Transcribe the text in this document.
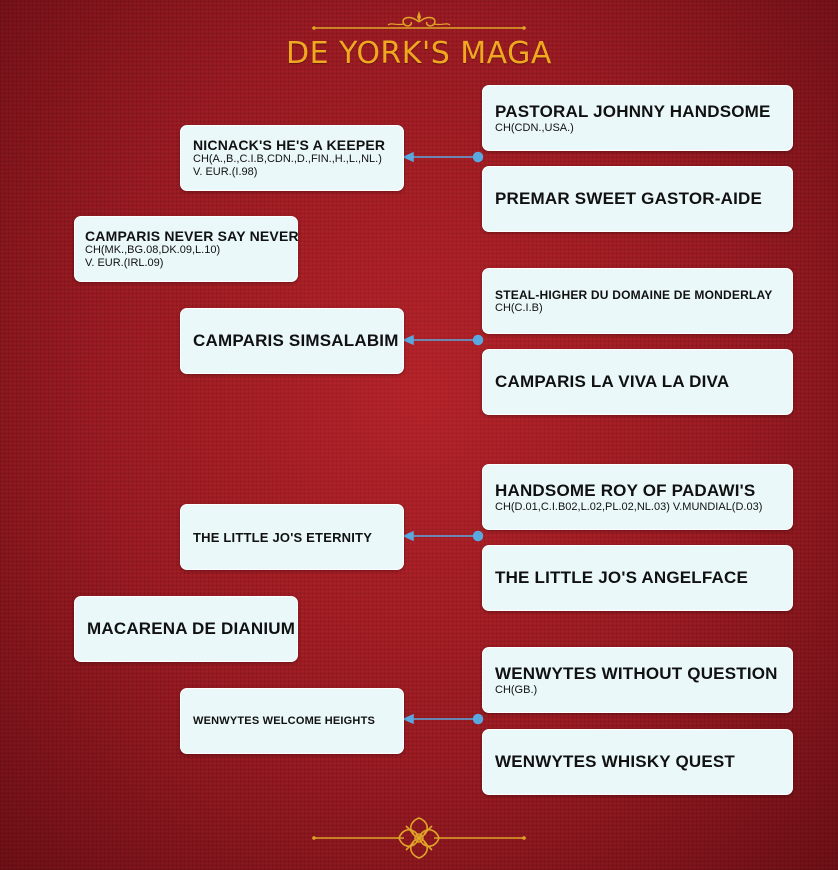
DE YORK'S MAGA
NICNACK'S HE'S A KEEPER
CH(A.,B.,C.I.B,CDN.,D.,FIN.,H.,L.,NL.)
V. EUR.(I.98)
CAMPARIS NEVER SAY NEVER
CH(MK.,BG.08,DK.09,L.10)
V. EUR.(IRL.09)
CAMPARIS SIMSALABIM
THE LITTLE JO'S ETERNITY
MACARENA DE DIANIUM
WENWYTES WELCOME HEIGHTS
PASTORAL JOHNNY HANDSOME
CH(CDN.,USA.)
PREMAR SWEET GASTOR-AIDE
STEAL-HIGHER DU DOMAINE DE MONDERLAY
CH(C.I.B)
CAMPARIS LA VIVA LA DIVA
HANDSOME ROY OF PADAWI'S
CH(D.01,C.I.B02,L.02,PL.02,NL.03) V.MUNDIAL(D.03)
THE LITTLE JO'S ANGELFACE
WENWYTES WITHOUT QUESTION
CH(GB.)
WENWYTES WHISKY QUEST
